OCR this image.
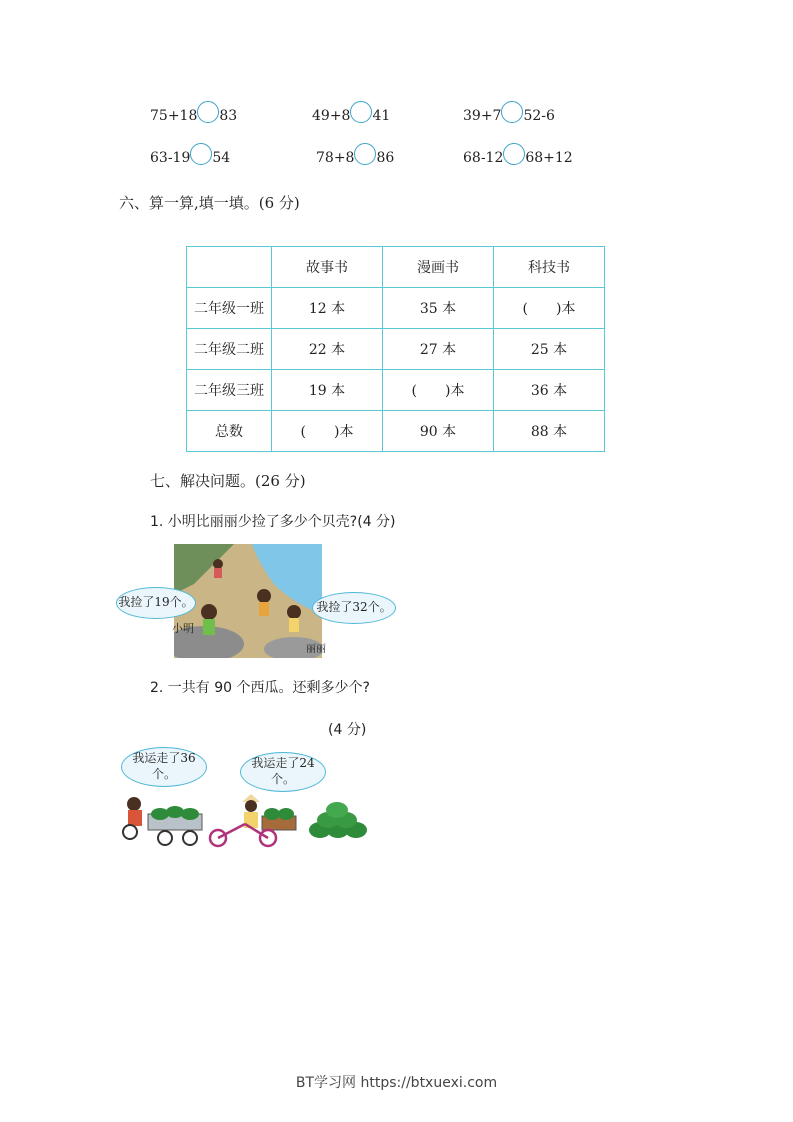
75+18 83	49+8 41	39+7 52-6
63-19 54	78+8 86	68-12 68+12
六、算一算,填一填。(6 分)
	故事书	漫画书	科技书
二年级一班	12 本	35 本	(　　)本
二年级二班	22 本	27 本	25 本
二年级三班	19 本	(　　)本	36 本
总数	(　　)本	90 本	88 本
七、解决问题。(26 分)
1. 小明比丽丽少捡了多少个贝壳?(4 分)
我捡了19个。	我捡了32个。
小明
丽丽
2. 一共有 90 个西瓜。还剩多少个?
(4 分)
我运走了36个。
我运走了24个。
BT学习网 https://btxuexi.com
